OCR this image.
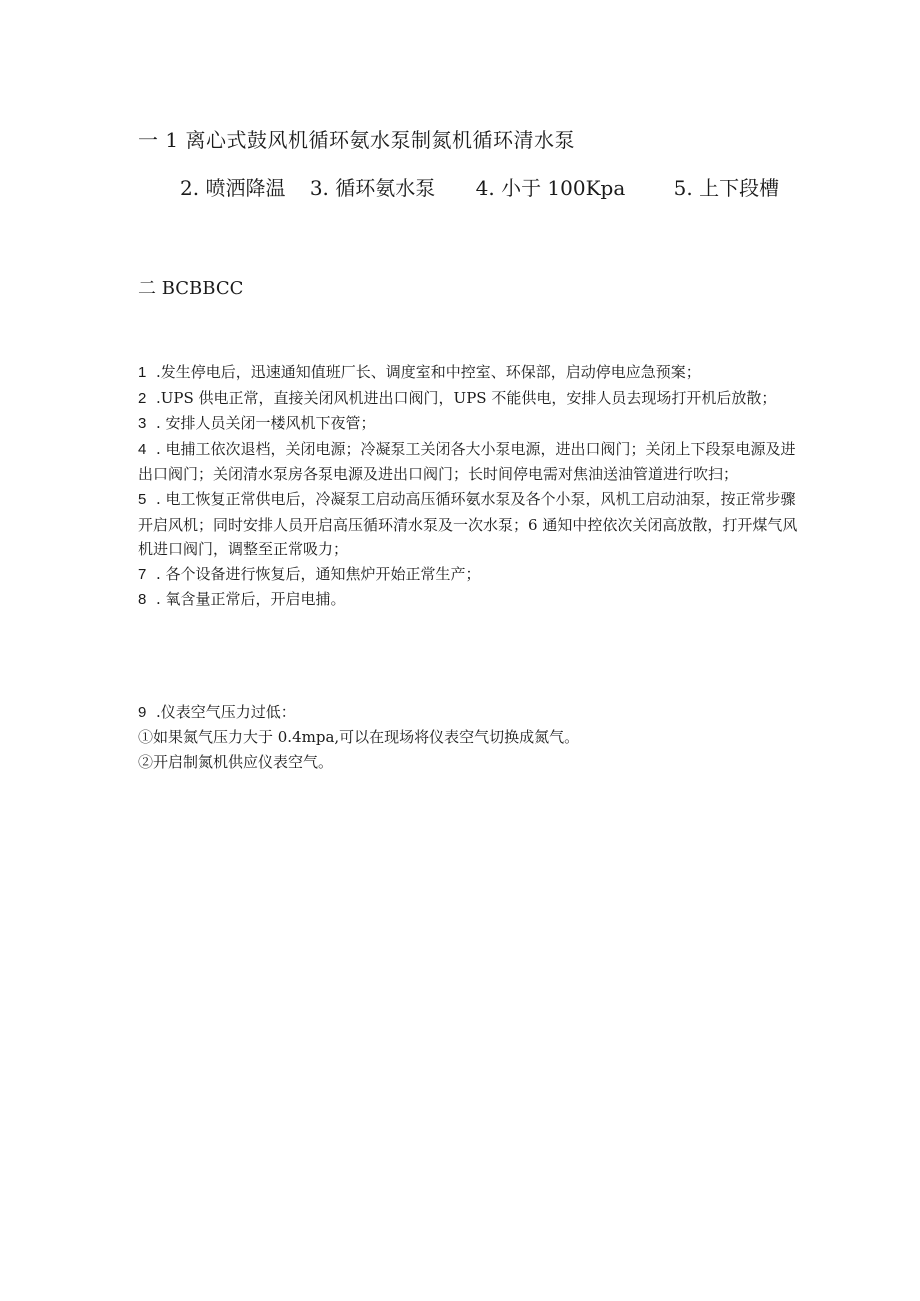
一 1 离心式鼓风机循环氨水泵制氮机循环清水泵
2. 喷洒降温 3. 循环氨水泵 4. 小于 100Kpa 5. 上下段槽
二 BCBBCC

1 .发生停电后，迅速通知值班厂长、调度室和中控室、环保部，启动停电应急预案；

2 .UPS 供电正常，直接关闭风机进出口阀门，UPS 不能供电，安排人员去现场打开机后放散；

3 . 安排人员关闭一楼风机下夜管；

4 . 电捕工依次退档，关闭电源；冷凝泵工关闭各大小泵电源，进出口阀门；关闭上下段泵电源及进出口阀门；关闭清水泵房各泵电源及进出口阀门；长时间停电需对焦油送油管道进行吹扫；

5 . 电工恢复正常供电后，冷凝泵工启动高压循环氨水泵及各个小泵，风机工启动油泵，按正常步骤开启风机；同时安排人员开启高压循环清水泵及一次水泵；6 通知中控依次关闭高放散，打开煤气风机进口阀门，调整至正常吸力；

7 . 各个设备进行恢复后，通知焦炉开始正常生产；

8 . 氧含量正常后，开启电捕。

9 .仪表空气压力过低：

①如果氮气压力大于 0.4mpa,可以在现场将仪表空气切换成氮气。

②开启制氮机供应仪表空气。
